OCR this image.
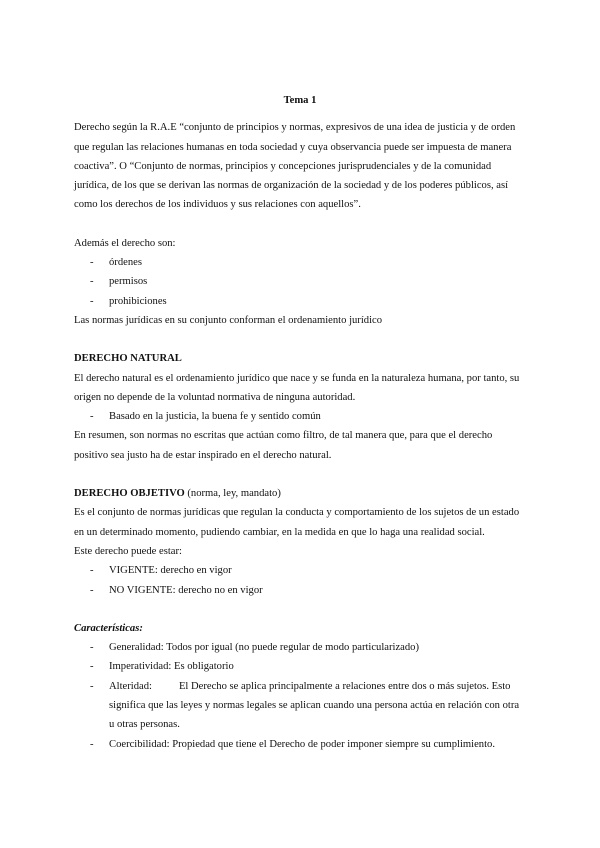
Tema 1

Derecho según la R.A.E “conjunto de principios y normas, expresivos de una idea de justicia y de orden que regulan las relaciones humanas en toda sociedad y cuya observancia puede ser impuesta de manera coactiva”. O “Conjunto de normas, principios y concepciones jurisprudenciales y de la comunidad jurídica, de los que se derivan las normas de organización de la sociedad y de los poderes públicos, así como los derechos de los individuos y sus relaciones con aquellos”.

Además el derecho son:

- órdenes
- permisos
- prohibiciones

Las normas jurídicas en su conjunto conforman el ordenamiento jurídico

DERECHO NATURAL

El derecho natural es el ordenamiento jurídico que nace y se funda en la naturaleza humana, por tanto, su origen no depende de la voluntad normativa de ninguna autoridad.

- Basado en la justicia, la buena fe y sentido común

En resumen, son normas no escritas que actúan como filtro, de tal manera que, para que el derecho positivo sea justo ha de estar inspirado en el derecho natural.

DERECHO OBJETIVO (norma, ley, mandato)

Es el conjunto de normas jurídicas que regulan la conducta y comportamiento de los sujetos de un estado en un determinado momento, pudiendo cambiar, en la medida en que lo haga una realidad social.

Este derecho puede estar:

- VIGENTE: derecho en vigor
- NO VIGENTE: derecho no en vigor

Características:

- Generalidad: Todos por igual (no puede regular de modo particularizado)
- Imperatividad: Es obligatorio
- Alteridad:	El Derecho se aplica principalmente a relaciones entre dos o más sujetos. Esto significa que las leyes y normas legales se aplican cuando una persona actúa en relación con otra u otras personas.
- Coercibilidad: Propiedad que tiene el Derecho de poder imponer siempre su cumplimiento.
